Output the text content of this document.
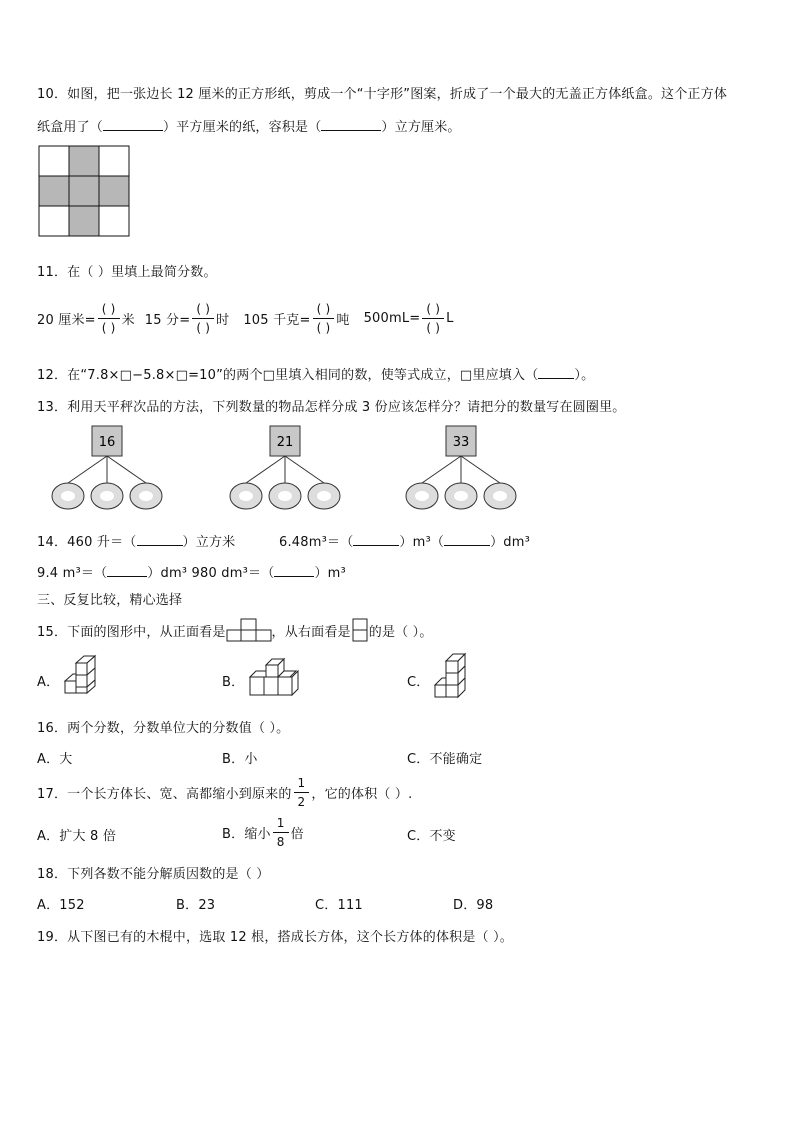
10．如图，把一张边长 12 厘米的正方形纸，剪成一个“十字形”图案，折成了一个最大的无盖正方体纸盒。这个正方体
纸盒用了（	）平方厘米的纸，容积是（	）立方厘米。
11．在（ ）里填上最简分数。
20 厘米= $\frac{( )}{( )}$ 米 15 分= $\frac{( )}{( )}$ 时 105 千克= $\frac{( )}{( )}$ 吨 $500mL= \frac{( )}{( )}$ L
12．在“7.8×□−5.8×□=10”的两个□里填入相同的数，使等式成立，□里应填入（	）。
13．利用天平秤次品的方法，下列数量的物品怎样分成 3 份应该怎样分？请把分的数量写在圆圈里。
16	21	33
14．460 升＝（	）立方米	6.48m³＝（	）m³（	）dm³
9.4 m³＝（	）dm³ 980 dm³＝（	）m³
三、反复比较，精心选择
15．下面的图形中，从正面看是	，从右面看是 的是（ ）。
A．	B．	C．
16．两个分数，分数单位大的分数值（ ）。
A．大	B．小	C．不能确定
17．一个长方体长、宽、高都缩小到原来的 $\frac{1}{2}$ ，它的体积（ ）.
A．扩大 8 倍	B．缩小 $\frac{1}{8}$ 倍	C．不变
18．下列各数不能分解质因数的是（ ）
A．152	B．23	C．111	D．98
19．从下图已有的木棍中，选取 12 根，搭成长方体，这个长方体的体积是（ ）。
